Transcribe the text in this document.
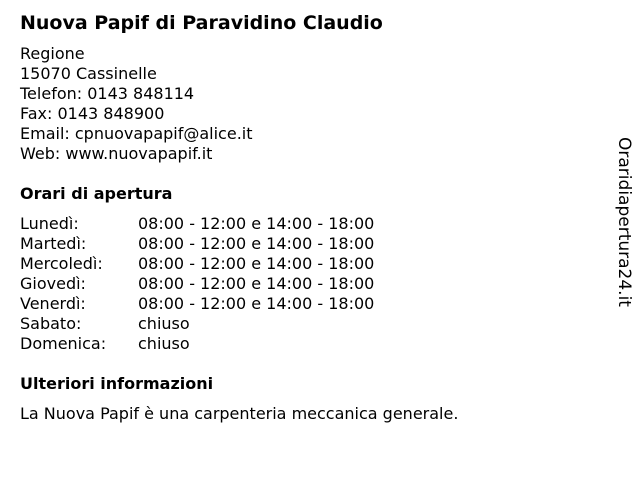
Nuova Papif di Paravidino Claudio
Regione
15070 Cassinelle
Telefon: 0143 848114
Fax: 0143 848900
Email: cpnuovapapif@alice.it
Web: www.nuovapapif.it
Orari di apertura
Lunedì:	08:00 - 12:00 e 14:00 - 18:00
Martedì:	08:00 - 12:00 e 14:00 - 18:00
Mercoledì:	08:00 - 12:00 e 14:00 - 18:00
Giovedì:	08:00 - 12:00 e 14:00 - 18:00
Venerdì:	08:00 - 12:00 e 14:00 - 18:00
Sabato:	chiuso
Domenica:	chiuso
Ulteriori informazioni
La Nuova Papif è una carpenteria meccanica generale.
Oraridiapertura24.it
